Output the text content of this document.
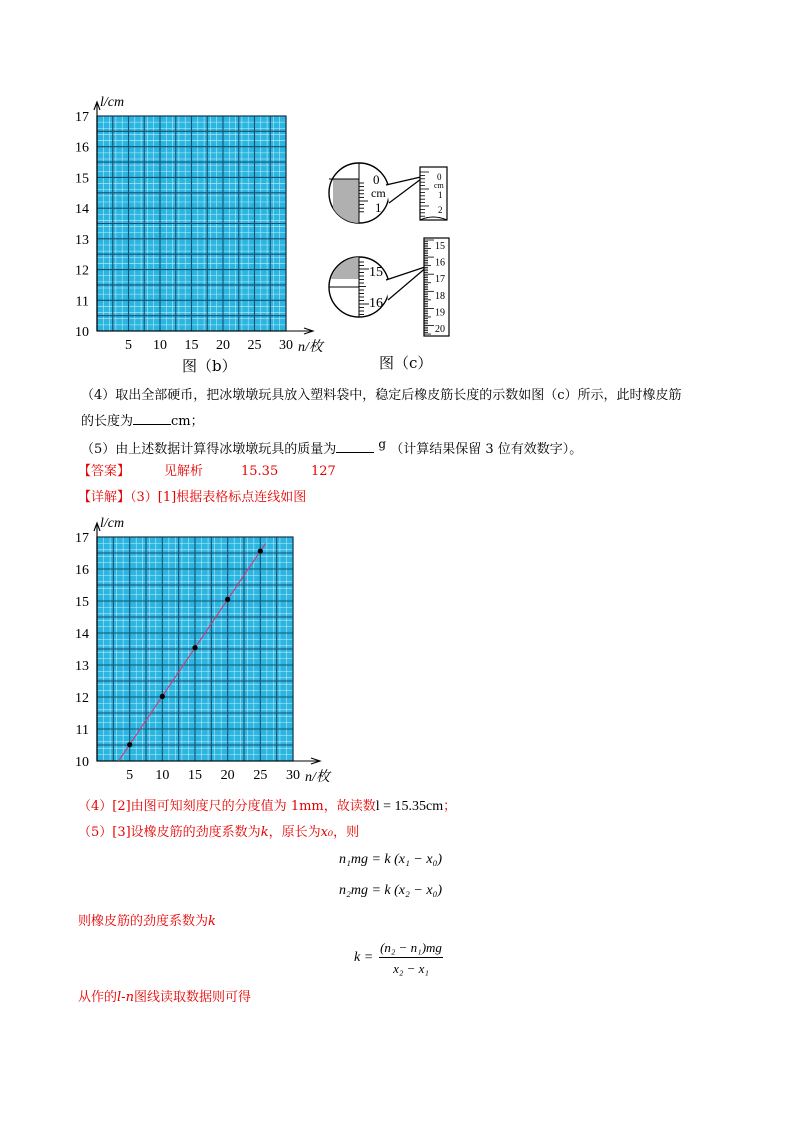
10
11
12
13
14
15
16
17
5 10 15 20 25 30
l/cm
n/枚
0
cm
1
0
cm
1
2
15
16
15
16
17
18
19
20
图（b）	图（c）
（4）取出全部硬币，把冰墩墩玩具放入塑料袋中，稳定后橡皮筋长度的示数如图（c）所示，此时橡皮筋
的长度为	cm；
（5）由上述数据计算得冰墩墩玩具的质量为	g （计算结果保留 3 位有效数字）。
【答案】	见解析	15.35	127
【详解】（3）[1]根据表格标点连线如图
10
11
12
13
14
15
16
17
5 10 15 20 25 30
l/cm
n/枚
（4）[2]由图可知刻度尺的分度值为 1mm，故读数l = 15.35cm；
（5）[3]设橡皮筋的劲度系数为k，原长为x₀，则
n₁mg = k (x₁ − x₀)
n₂mg = k (x₂ − x₀)
则橡皮筋的劲度系数为k
k =
(n₂ − n₁)mg
x₂ − x₁
从作的l-n图线读取数据则可得
